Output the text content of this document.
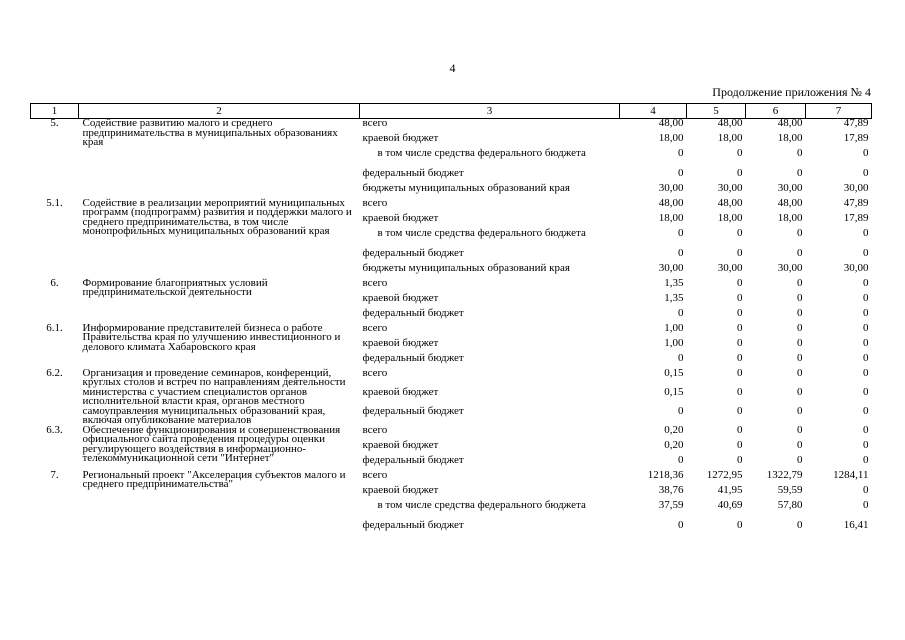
4
Продолжение приложения № 4
1	2	3	4	5	6	7
5.	Содействие развитию малого и среднего предпринимательства в муниципальных образованиях края	всего	48,00	48,00	48,00	47,89
		краевой бюджет	18,00	18,00	18,00	17,89
		в том числе средства федерального бюджета	0	0	0	0
		федеральный бюджет	0	0	0	0
		бюджеты муниципальных образований края	30,00	30,00	30,00	30,00
5.1.	Содействие в реализации мероприятий муниципальных программ (подпрограмм) развития и поддержки малого и среднего предпринимательства, в том числе монопрофильных муниципальных образований края	всего	48,00	48,00	48,00	47,89
		краевой бюджет	18,00	18,00	18,00	17,89
		в том числе средства федерального бюджета	0	0	0	0
		федеральный бюджет	0	0	0	0
		бюджеты муниципальных образований края	30,00	30,00	30,00	30,00
6.	Формирование благоприятных условий предпринимательской деятельности	всего	1,35	0	0	0
		краевой бюджет	1,35	0	0	0
		федеральный бюджет	0	0	0	0
6.1.	Информирование представителей бизнеса о работе Правительства края по улучшению инвестиционного и делового климата Хабаровского края	всего	1,00	0	0	0
		краевой бюджет	1,00	0	0	0
		федеральный бюджет	0	0	0	0
6.2.	Организация и проведение семинаров, конференций, круглых столов и встреч по направлениям деятельности министерства с участием специалистов органов исполнительной власти края, органов местного самоуправления муниципальных образований края, включая опубликование материалов	всего	0,15	0	0	0
		краевой бюджет	0,15	0	0	0
		федеральный бюджет	0	0	0	0
6.3.	Обеспечение функционирования и совершенствования официального сайта проведения процедуры оценки регулирующего воздействия в информационно-телекоммуникационной сети "Интернет"	всего	0,20	0	0	0
		краевой бюджет	0,20	0	0	0
		федеральный бюджет	0	0	0	0
7.	Региональный проект "Акселерация субъектов малого и среднего предпринимательства"	всего	1218,36	1272,95	1322,79	1284,11
		краевой бюджет	38,76	41,95	59,59	0
		в том числе средства федерального бюджета	37,59	40,69	57,80	0
		федеральный бюджет	0	0	0	16,41
